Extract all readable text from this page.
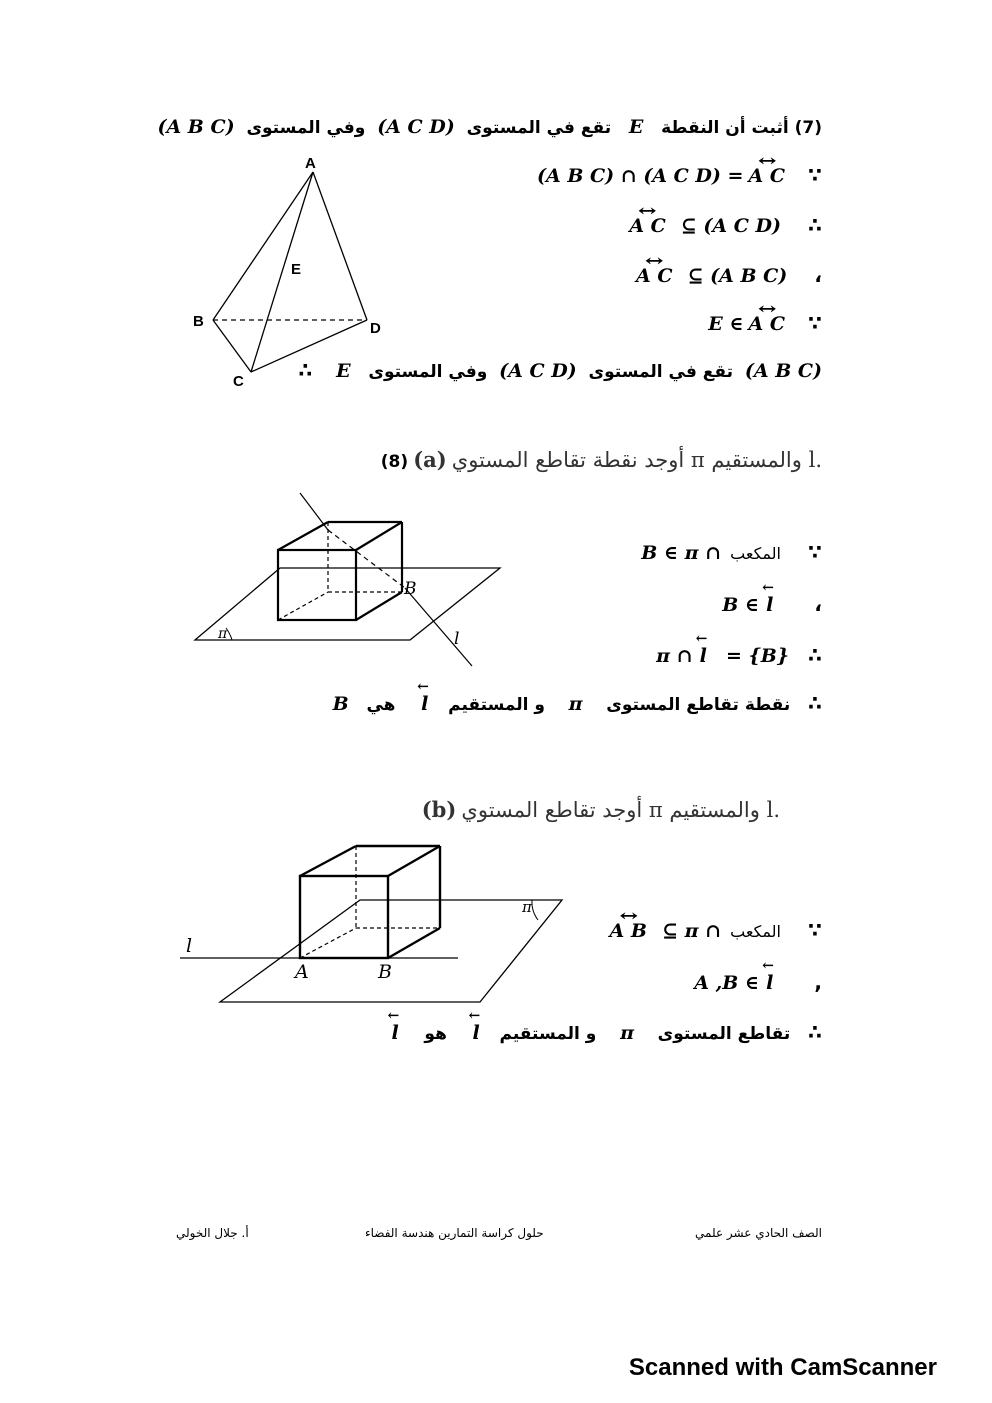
(7) أثبت أن النقطة   E   تقع في المستوى  (A C D)  وفي المستوى  (A B C)
A
E
B	D
C
(A B C) ∩ (A C D) = ↔ A C ∵
↔ A C ⊆ (A C D) ∴
↔ A C ⊆ (A B C) ،
E ∈ ↔ A C ∵
∴ E	تقع في المستوى  (A C D)  وفي المستوى	(A B C)
(8) (a) أوجد نقطة تقاطع المستوي π والمستقيم l.
B
l
π
B ∈ π ∩ المكعب ∵
B ∈ ← l ،
π ∩ ← l = {B} ∴
∴   نقطة تقاطع المستوى    π    و المستقيم   ← l    هي   B
(b) أوجد تقاطع المستوي π والمستقيم l.
A	B
l
π
↔ A B ⊆ π ∩ المكعب ∵
A ,B ∈ ← l ,
∴   تقاطع المستوى    π    و المستقيم   ← l    هو    ← l
الصف الحادي عشر علمي
حلول كراسة التمارين هندسة الفضاء
أ. جلال الخولي
Scanned with CamScanner
